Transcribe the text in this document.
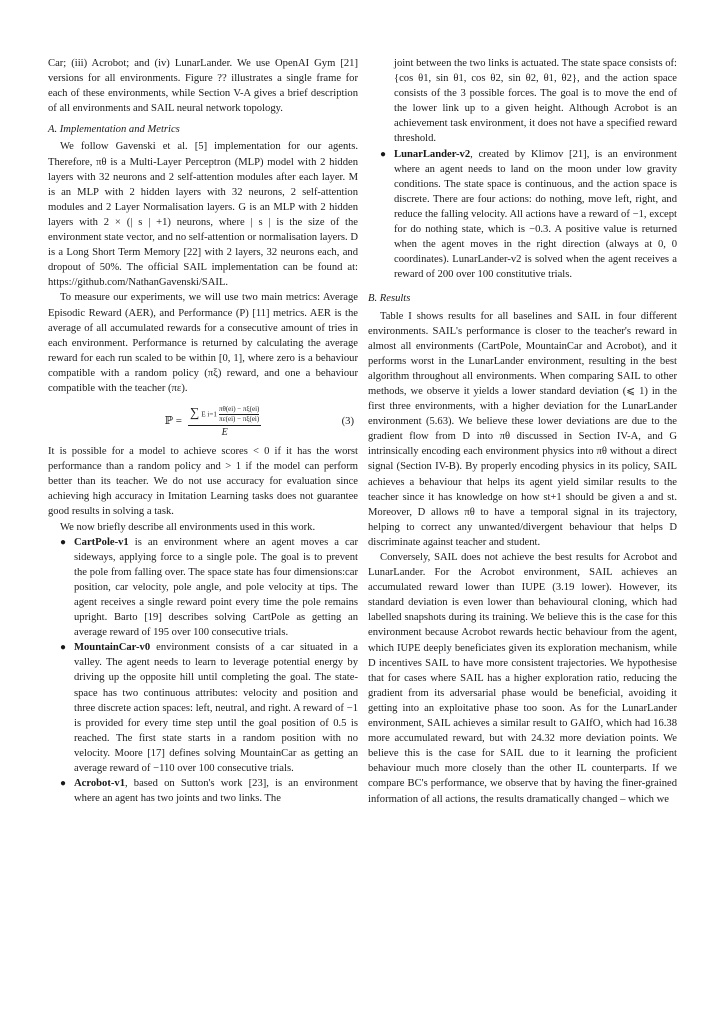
Car; (iii) Acrobot; and (iv) LunarLander. We use OpenAI Gym [21] versions for all environments. Figure ?? illustrates a single frame for each of these environments, while Section V-A gives a brief description of all environments and SAIL neural network topology.

A. Implementation and Metrics

We follow Gavenski et al. [5] implementation for our agents. Therefore, πθ is a Multi-Layer Perceptron (MLP) model with 2 hidden layers with 32 neurons and 2 self-attention modules after each layer. M is an MLP with 2 hidden layers with 32 neurons, 2 self-attention modules and 2 Layer Normalisation layers. G is an MLP with 2 hidden layers with 2 × (| s | +1) neurons, where | s | is the size of the environment state vector, and no self-attention or normalisation layers. D is a Long Short Term Memory [22] with 2 layers, 32 neurons each, and dropout of 50%. The official SAIL implementation can be found at: https://github.com/NathanGavenski/SAIL.

To measure our experiments, we will use two main metrics: Average Episodic Reward (AER), and Performance (P) [11] metrics. AER is the average of all accumulated rewards for a consecutive amount of tries in each environment. Performance is returned by calculating the average reward for each run scaled to be within [0, 1], where zero is a behaviour compatible with a random policy (πξ) reward, and one a behaviour compatible with the teacher (πε).

ℙ =
∑ E $i=1 \frac{\pi\theta(ei) - \pi\xi(ei)}{\pi\varepsilon(ei) - \pi\xi(ei)}$
E
(3)

It is possible for a model to achieve scores < 0 if it has the worst performance than a random policy and > 1 if the model can perform better than its teacher. We do not use accuracy for evaluation since achieving high accuracy in Imitation Learning tasks does not guarantee good results in solving a task.

We now briefly describe all environments used in this work.

● CartPole-v1 is an environment where an agent moves a car sideways, applying force to a single pole. The goal is to prevent the pole from falling over. The space state has four dimensions:car position, car velocity, pole angle, and pole velocity at tips. The agent receives a single reward point every time the pole remains upright. Barto [19] describes solving CartPole as getting an average reward of 195 over 100 consecutive trials.
● MountainCar-v0 environment consists of a car situated in a valley. The agent needs to learn to leverage potential energy by driving up the opposite hill until completing the goal. The state-space has two continuous attributes: velocity and position and three discrete action spaces: left, neutral, and right. A reward of −1 is provided for every time step until the goal position of 0.5 is reached. The first state starts in a random position with no velocity. Moore [17] defines solving MountainCar as getting an average reward of −110 over 100 consecutive trials.
● Acrobot-v1, based on Sutton's work [23], is an environment where an agent has two joints and two links. The

joint between the two links is actuated. The state space consists of: {cos θ1, sin θ1, cos θ2, sin θ2, θ1, θ2}, and the action space consists of the 3 possible forces. The goal is to move the end of the lower link up to a given height. Although Acrobot is an achievement task environment, it does not have a specified reward threshold.

● LunarLander-v2, created by Klimov [21], is an environment where an agent needs to land on the moon under low gravity conditions. The state space is continuous, and the action space is discrete. There are four actions: do nothing, move left, right, and reduce the falling velocity. All actions have a reward of −1, except for do nothing state, which is −0.3. A positive value is returned when the agent moves in the right direction (always at 0, 0 coordinates). LunarLander-v2 is solved when the agent receives a reward of 200 over 100 constitutive trials.

B. Results

Table I shows results for all baselines and SAIL in four different environments. SAIL's performance is closer to the teacher's reward in almost all environments (CartPole, MountainCar and Acrobot), and it performs worst in the LunarLander environment, resulting in the best algorithm throughout all environments. When comparing SAIL to other methods, we observe it yields a lower standard deviation (⩽ 1) in the first three environments, with a higher deviation for the LunarLander environment (5.63). We believe these lower deviations are due to the gradient flow from D into πθ discussed in Section IV-A, and G intrinsically encoding each environment physics into πθ without a direct signal (Section IV-B). By properly encoding physics in its policy, SAIL achieves a behaviour that helps its agent yield similar results to the teacher since it has knowledge on how st+1 should be given a and st. Moreover, D allows πθ to have a temporal signal in its trajectory, helping to correct any unwanted/divergent behaviour that helps D discriminate against teacher and student.

Conversely, SAIL does not achieve the best results for Acrobot and LunarLander. For the Acrobot environment, SAIL achieves an accumulated reward lower than IUPE (3.19 lower). However, its standard deviation is even lower than behavioural cloning, which had labelled snapshots during its training. We believe this is the case for this environment because Acrobot rewards hectic behaviour from the agent, which IUPE deeply beneficiates given its exploration mechanism, while D incentives SAIL to have more consistent trajectories. We hypothesise that for cases where SAIL has a higher exploration ratio, reducing the gradient from its adversarial phase would be beneficial, avoiding it getting into an exploitative phase too soon. As for the LunarLander environment, SAIL achieves a similar result to GAIfO, which had 16.38 more accumulated reward, but with 24.32 more deviation points. We believe this is the case for SAIL due to it learning the proficient behaviour much more closely than the other IL counterparts. If we compare BC's performance, we observe that by having the finer-grained information of all actions, the results dramatically changed – which we
